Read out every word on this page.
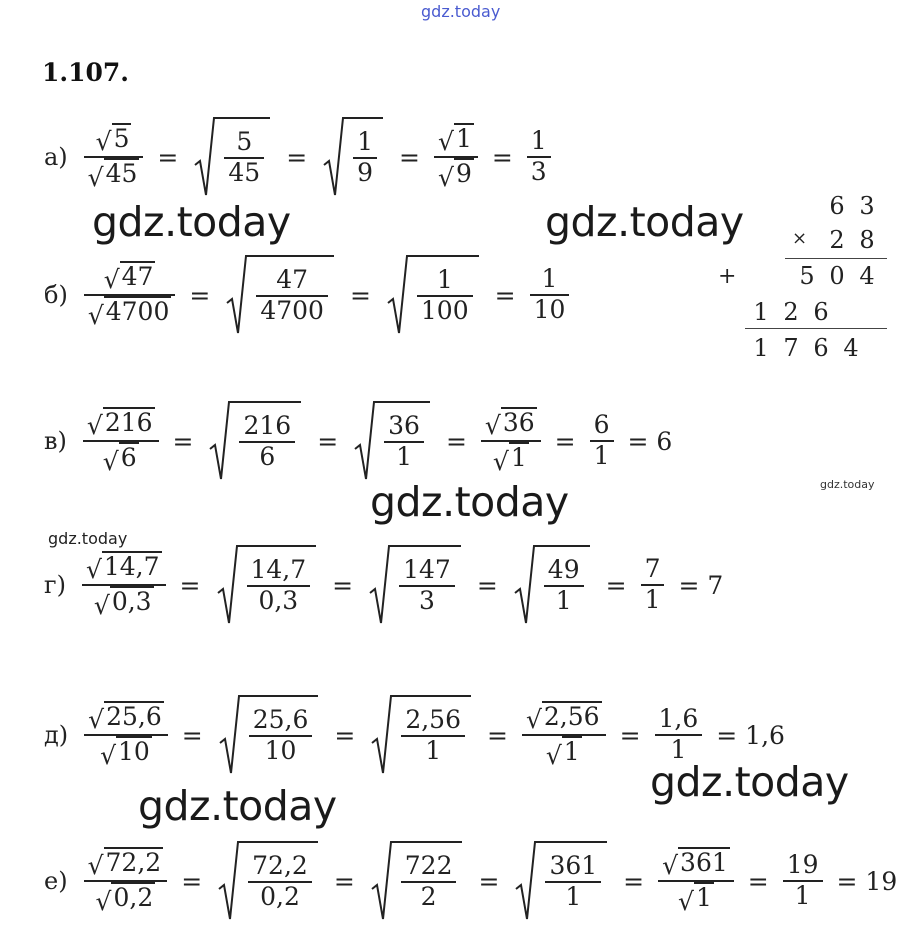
gdz.today
gdz.today	gdz.today
gdz.today
gdz.today
gdz.today
gdz.today
gdz.today
1.107.
$а) \frac{√ 5}{√ 45} = \frac{5}{45} = \frac{1}{9} = \frac{√ 1}{√ 9} = \frac{1}{3}$
$б) \frac{√ 47}{√ 4700} = \frac{47}{4700} = \frac{1}{100} = \frac{1}{10}$
6 3
× 2 8
+	5 0 4
1 2 6
1 7 6 4
$в) \frac{√ 216}{√ 6} = \frac{216}{6} = \frac{36}{1} = \frac{√ 36}{√ 1} = \frac{6}{1} = 6$
$г) \frac{√ 14,7}{√ 0,3} = \frac{14,7}{0,3} = \frac{147}{3} = \frac{49}{1} = \frac{7}{1} = 7$
$д) \frac{√ 25,6}{√ 10} = \frac{25,6}{10} = \frac{2,56}{1} = \frac{√ 2,56}{√ 1} = \frac{1,6}{1} = 1,6$
$е) \frac{√ 72,2}{√ 0,2} = \frac{72,2}{0,2} = \frac{722}{2} = \frac{361}{1} = \frac{√ 361}{√ 1} = \frac{19}{1} = 19$
